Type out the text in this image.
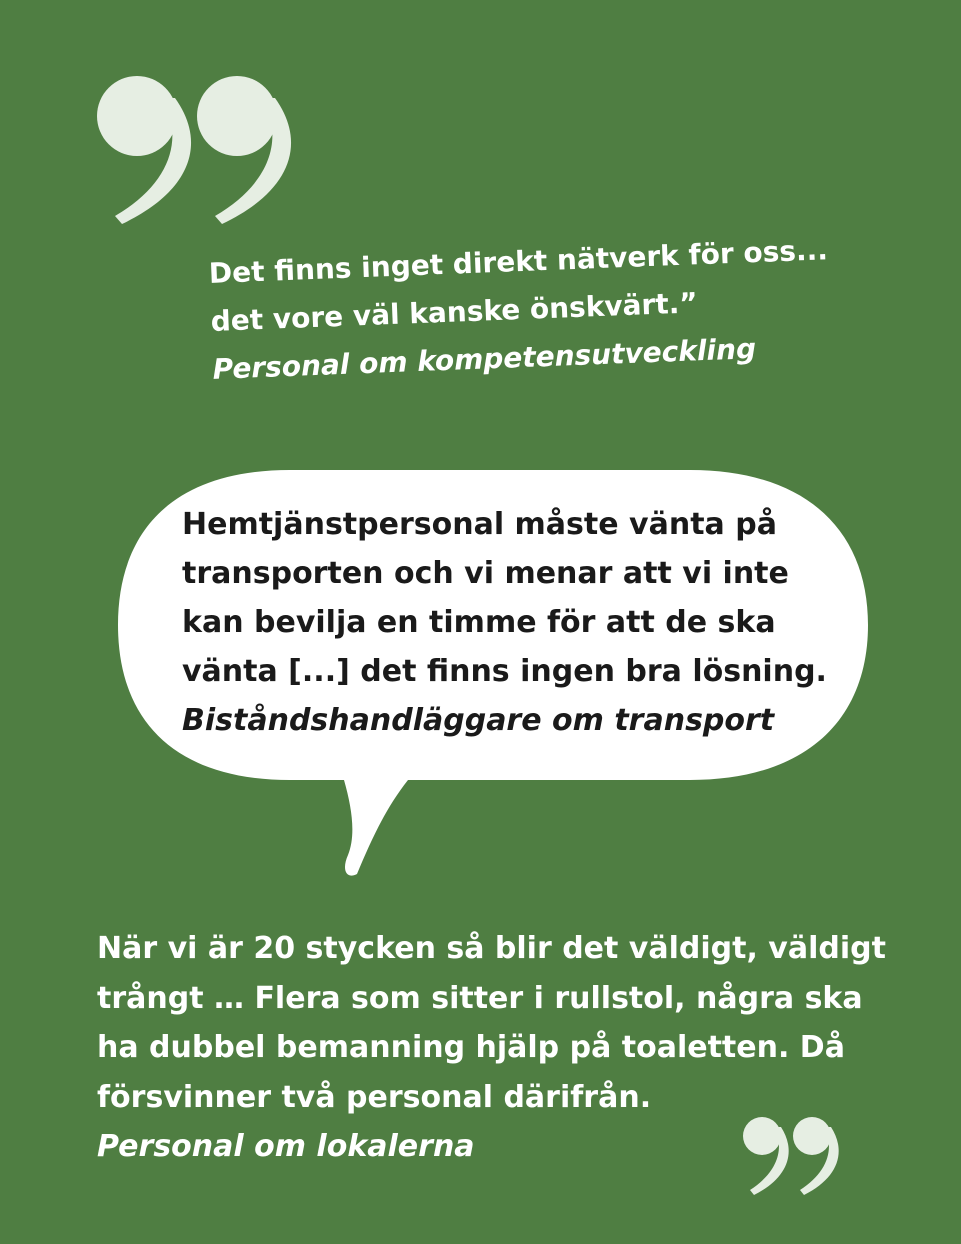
Det finns inget direkt nätverk för oss...
det vore väl kanske önskvärt.”
Personal om kompetensutveckling
Hemtjänstpersonal måste vänta på
transporten och vi menar att vi inte
kan bevilja en timme för att de ska
vänta [...] det finns ingen bra lösning.
Biståndshandläggare om transport
När vi är 20 stycken så blir det väldigt, väldigt
trångt … Flera som sitter i rullstol, några ska
ha dubbel bemanning hjälp på toaletten. Då
försvinner två personal därifrån.
Personal om lokalerna
